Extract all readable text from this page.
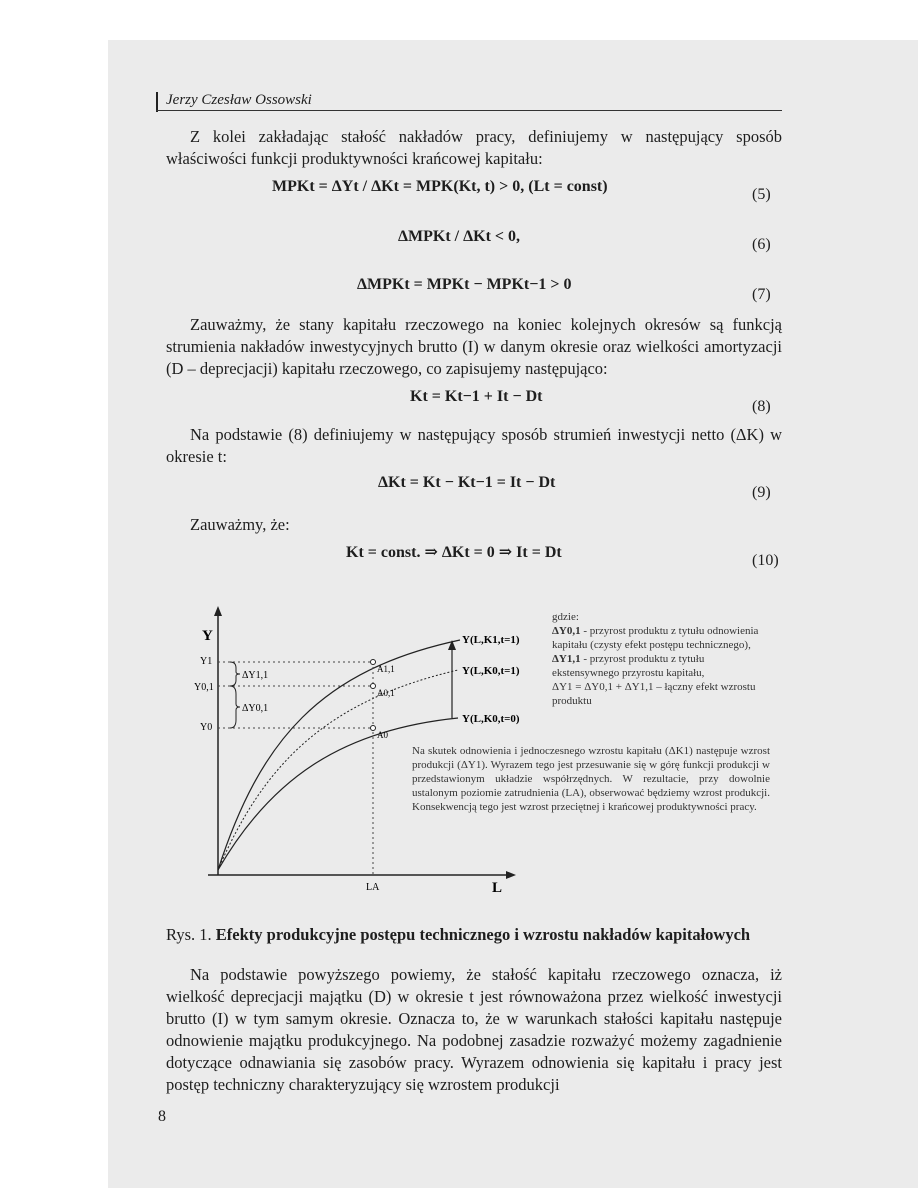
Jerzy Czesław Ossowski
Z kolei zakładając stałość nakładów pracy, definiujemy w następujący sposób właściwości funkcji produktywności krańcowej kapitału:
MPKt = ΔYt / ΔKt = MPK(Kt, t) > 0, (Lt = const)	(5)
ΔMPKt / ΔKt < 0,	(6)
ΔMPKt = MPKt − MPKt−1 > 0
(7)
Zauważmy, że stany kapitału rzeczowego na koniec kolejnych okresów są funkcją strumienia nakładów inwestycyjnych brutto (I) w danym okresie oraz wielkości amortyzacji (D – deprecjacji) kapitału rzeczowego, co zapisujemy następująco:
Kt = Kt−1 + It − Dt
(8)
Na podstawie (8) definiujemy w następujący sposób strumień inwestycji netto (ΔK) w okresie t:
ΔKt = Kt − Kt−1 = It − Dt
(9)
Zauważmy, że:
Kt = const. ⇒ ΔKt = 0 ⇒ It = Dt	(10)
Y
L
LA
Y1
Y0,1
Y0
ΔY1,1
ΔY0,1
A1,1
A0,1
A0
Y(L,K1,t=1)
Y(L,K0,t=1)
Y(L,K0,t=0)
gdzie:
ΔY0,1 - przyrost produktu z tytułu odnowienia kapitału (czysty efekt postępu technicznego),
ΔY1,1 - przyrost produktu z tytułu ekstensywnego przyrostu kapitału,
ΔY1 = ΔY0,1 + ΔY1,1 – łączny efekt wzrostu produktu
Na skutek odnowienia i jednoczesnego wzrostu kapitału (ΔK1) następuje wzrost produkcji (ΔY1). Wyrazem tego jest przesuwanie się w górę funkcji produkcji w przedstawionym układzie współrzędnych. W rezultacie, przy dowolnie ustalonym poziomie zatrudnienia (LA), obserwować będziemy wzrost produkcji. Konsekwencją tego jest wzrost przeciętnej i krańcowej produktywności pracy.
Rys. 1. Efekty produkcyjne postępu technicznego i wzrostu nakładów kapitałowych
Na podstawie powyższego powiemy, że stałość kapitału rzeczowego oznacza, iż wielkość deprecjacji majątku (D) w okresie t jest równoważona przez wielkość inwestycji brutto (I) w tym samym okresie. Oznacza to, że w warunkach stałości kapitału następuje odnowienie majątku produkcyjnego. Na podobnej zasadzie rozważyć możemy zagadnienie dotyczące odnawiania się zasobów pracy. Wyrazem odnowienia się kapitału i pracy jest postęp techniczny charakteryzujący się wzrostem produkcji
8
